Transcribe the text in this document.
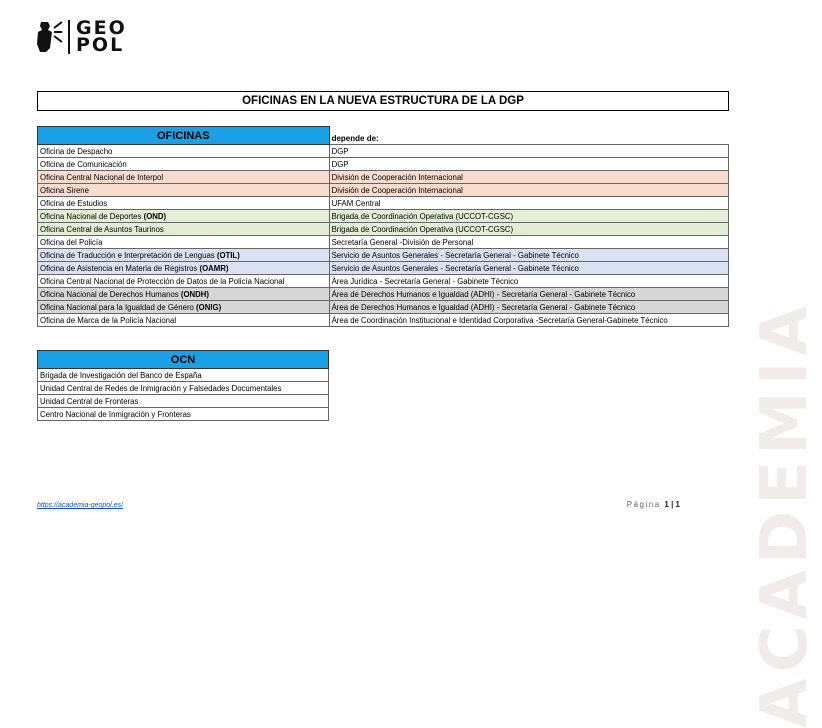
ACADEMIA
GEO
POL
OFICINAS EN LA NUEVA ESTRUCTURA DE LA DGP
OFICINAS	depende de:
Oficina de Despacho	DGP
Oficina de Comunicación	DGP
Oficina Central Nacional de Interpol	División de Cooperación Internacional
Oficina Sirene	División de Cooperación Internacional
Oficina de Estudios	UFAM Central
Oficina Nacional de Deportes (OND)	Brigada de Coordinación Operativa (UCCOT-CGSC)
Oficina Central de Asuntos Taurinos	Brigada de Coordinación Operativa (UCCOT-CGSC)
Oficina del Policía	Secretaría General -División de Personal
Oficina de Traducción e Interpretación de Lenguas (OTIL)	Servicio de Asuntos Generales - Secretaría General - Gabinete Técnico
Oficina de Asistencia en Materia de Registros (OAMR)	Servicio de Asuntos Generales - Secretaría General - Gabinete Técnico
Oficina Central Nacional de Protección de Datos de la Policía Nacional	Área Jurídica - Secretaría General - Gabinete Técnico
Oficina Nacional de Derechos Humanos (ONDH)	Área de Derechos Humanos e Igualdad (ADHI) - Secretaría General - Gabinete Técnico
Oficina Nacional para la Igualdad de Género (ONIG)	Área de Derechos Humanos e Igualdad (ADHI) - Secretaría General - Gabinete Técnico
Oficina de Marca de la Policía Nacional	Área de Coordinación Institucional e Identidad Corporativa -Secretaría General-Gabinete Técnico
OCN
Brigada de Investigación del Banco de España
Unidad Central de Redes de Inmigración y Falsedades Documentales
Unidad Central de Fronteras
Centro Nacional de Inmigración y Fronteras
https://academia-geopol.es/	Página 1 | 1
